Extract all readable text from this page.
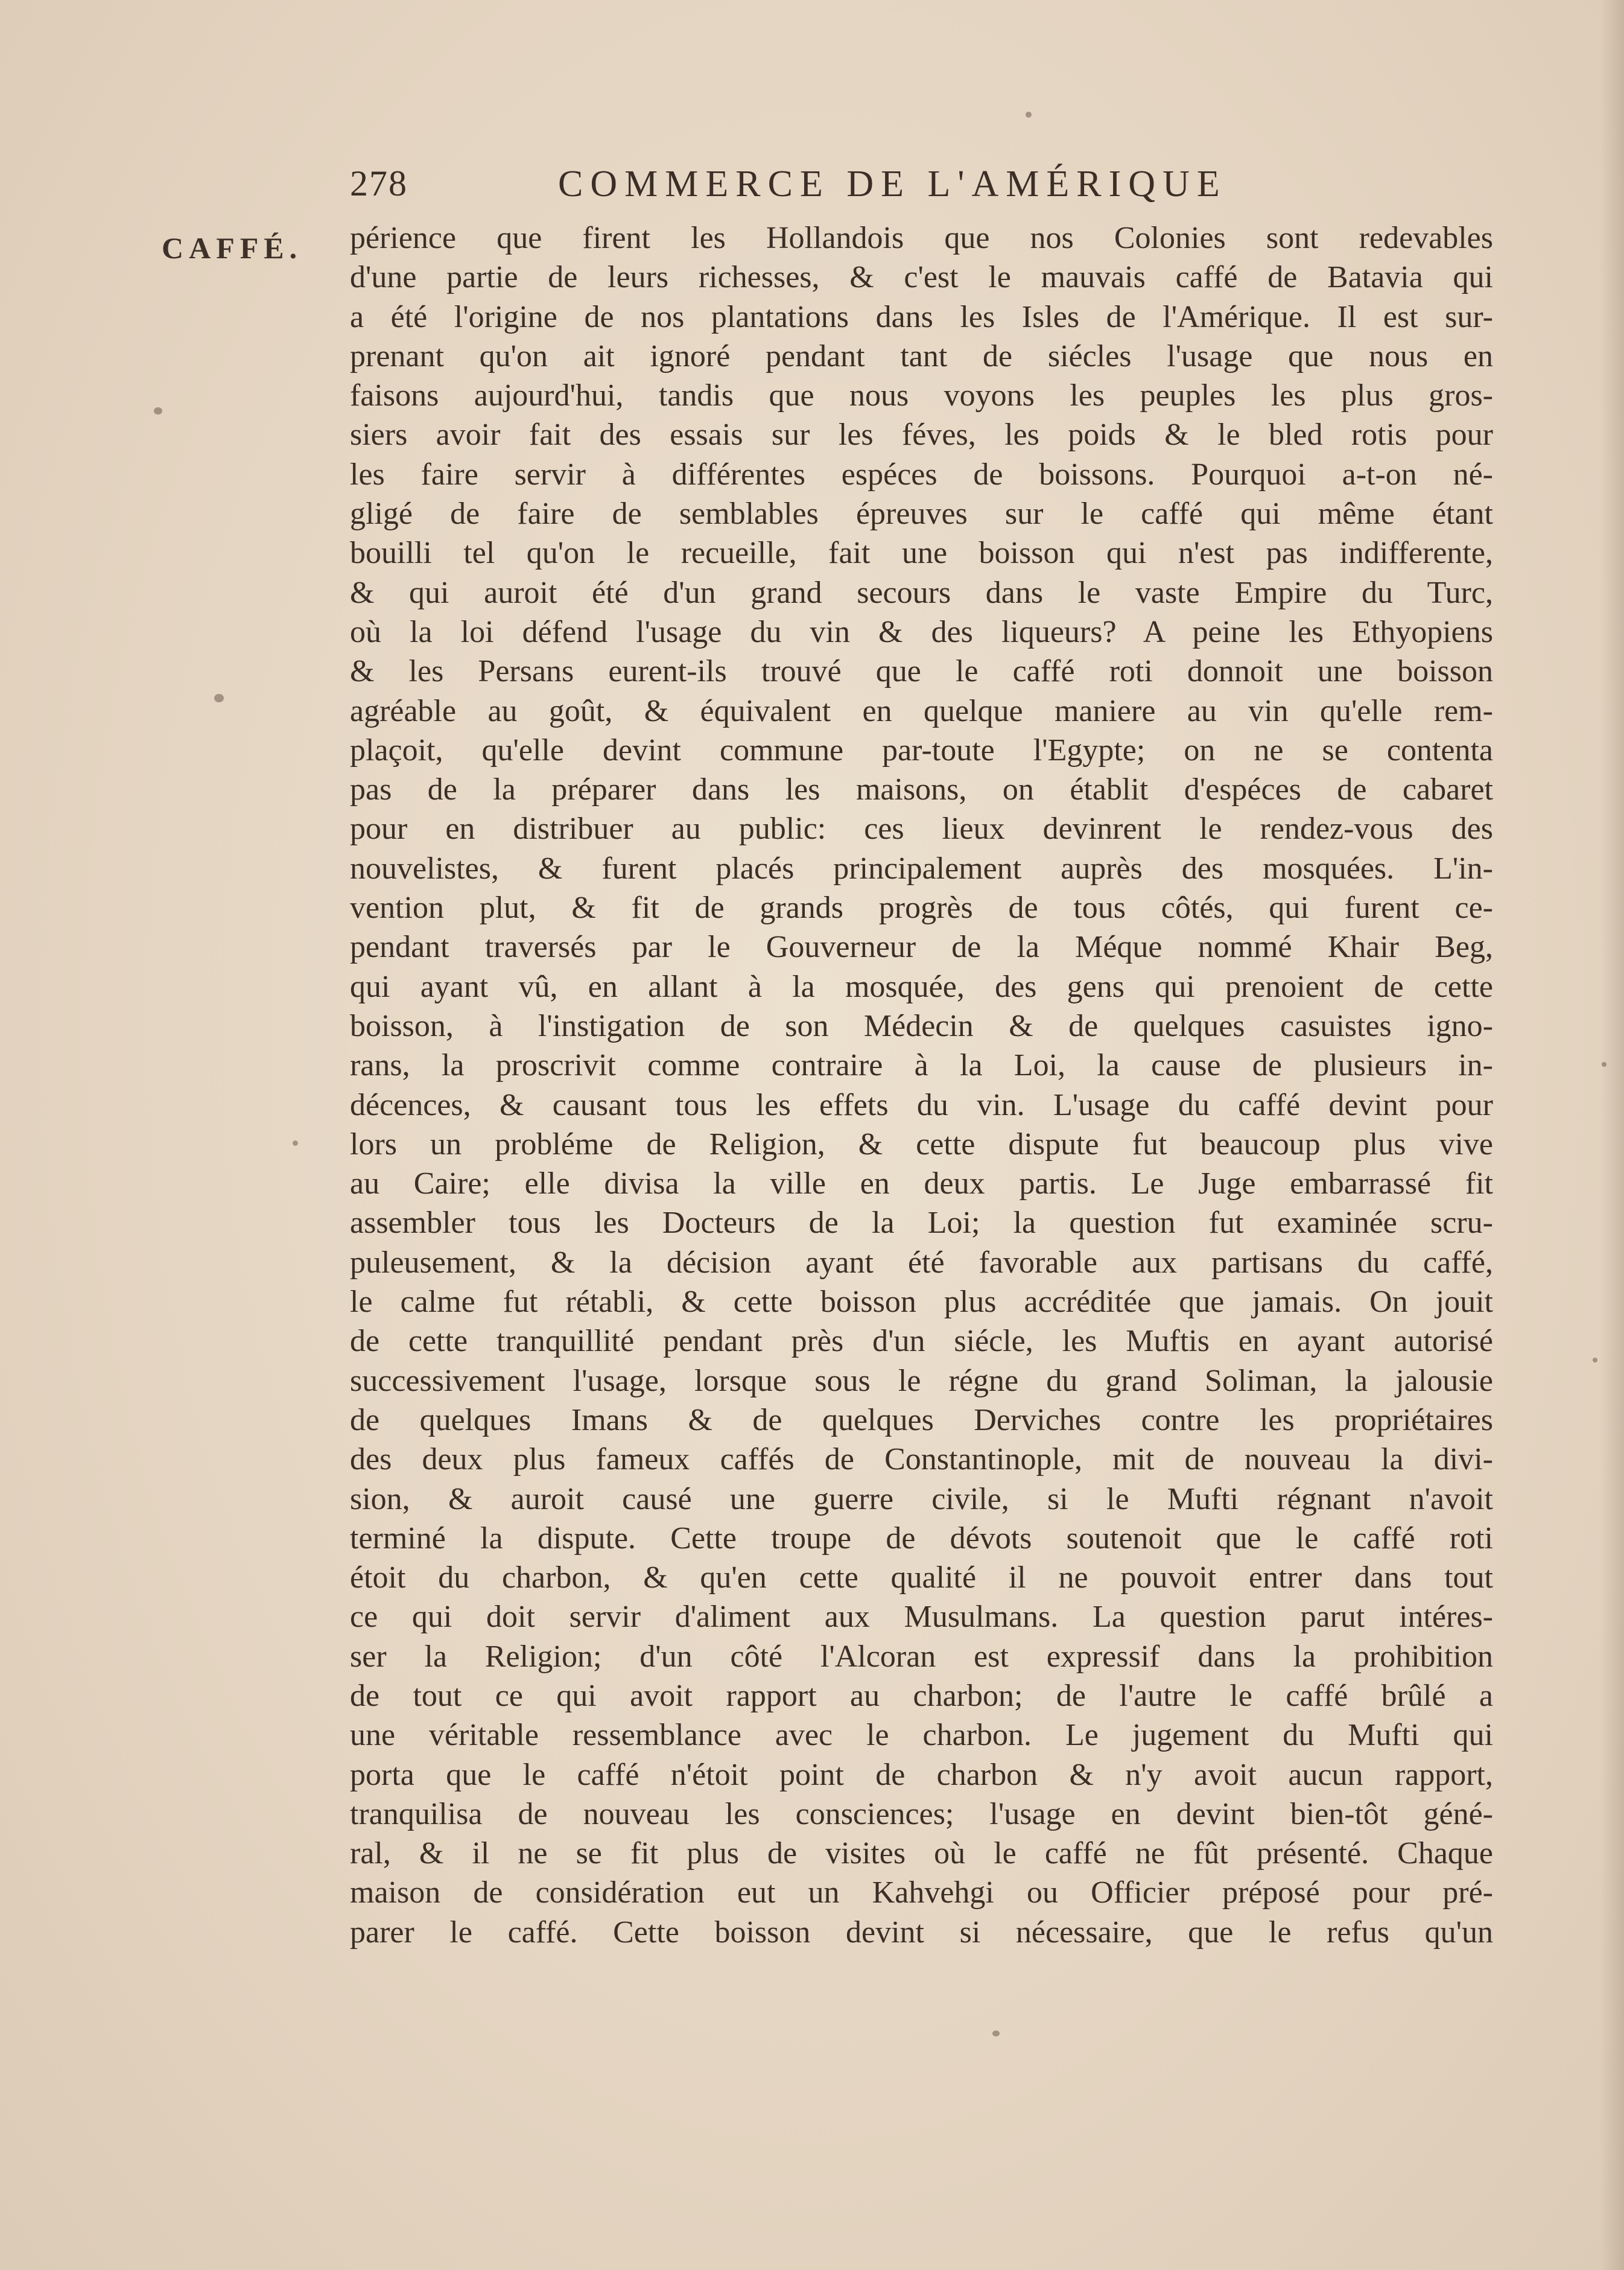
278	COMMERCE DE L'AMÉRIQUE
CAFFÉ. périence que firent les Hollandois que nos Colonies sont redevables
d'une partie de leurs richesses, & c'est le mauvais caffé de Batavia qui
a été l'origine de nos plantations dans les Isles de l'Amérique. Il est sur-
prenant qu'on ait ignoré pendant tant de siécles l'usage que nous en
faisons aujourd'hui, tandis que nous voyons les peuples les plus gros-
siers avoir fait des essais sur les féves, les poids & le bled rotis pour
les faire servir à différentes espéces de boissons. Pourquoi a-t-on né-
gligé de faire de semblables épreuves sur le caffé qui même étant
bouilli tel qu'on le recueille, fait une boisson qui n'est pas indifferente,
& qui auroit été d'un grand secours dans le vaste Empire du Turc,
où la loi défend l'usage du vin & des liqueurs? A peine les Ethyopiens
& les Persans eurent-ils trouvé que le caffé roti donnoit une boisson
agréable au goût, & équivalent en quelque maniere au vin qu'elle rem-
plaçoit, qu'elle devint commune par-toute l'Egypte; on ne se contenta
pas de la préparer dans les maisons, on établit d'espéces de cabaret
pour en distribuer au public: ces lieux devinrent le rendez-vous des
nouvelistes, & furent placés principalement auprès des mosquées. L'in-
vention plut, & fit de grands progrès de tous côtés, qui furent ce-
pendant traversés par le Gouverneur de la Méque nommé Khair Beg,
qui ayant vû, en allant à la mosquée, des gens qui prenoient de cette
boisson, à l'instigation de son Médecin & de quelques casuistes igno-
rans, la proscrivit comme contraire à la Loi, la cause de plusieurs in-
décences, & causant tous les effets du vin. L'usage du caffé devint pour
lors un probléme de Religion, & cette dispute fut beaucoup plus vive
au Caire; elle divisa la ville en deux partis. Le Juge embarrassé fit
assembler tous les Docteurs de la Loi; la question fut examinée scru-
puleusement, & la décision ayant été favorable aux partisans du caffé,
le calme fut rétabli, & cette boisson plus accréditée que jamais. On jouit
de cette tranquillité pendant près d'un siécle, les Muftis en ayant autorisé
successivement l'usage, lorsque sous le régne du grand Soliman, la jalousie
de quelques Imans & de quelques Derviches contre les propriétaires
des deux plus fameux caffés de Constantinople, mit de nouveau la divi-
sion, & auroit causé une guerre civile, si le Mufti régnant n'avoit
terminé la dispute. Cette troupe de dévots soutenoit que le caffé roti
étoit du charbon, & qu'en cette qualité il ne pouvoit entrer dans tout
ce qui doit servir d'aliment aux Musulmans. La question parut intéres-
ser la Religion; d'un côté l'Alcoran est expressif dans la prohibition
de tout ce qui avoit rapport au charbon; de l'autre le caffé brûlé a
une véritable ressemblance avec le charbon. Le jugement du Mufti qui
porta que le caffé n'étoit point de charbon & n'y avoit aucun rapport,
tranquilisa de nouveau les consciences; l'usage en devint bien-tôt géné-
ral, & il ne se fit plus de visites où le caffé ne fût présenté. Chaque
maison de considération eut un Kahvehgi ou Officier préposé pour pré-
parer le caffé. Cette boisson devint si nécessaire, que le refus qu'un
